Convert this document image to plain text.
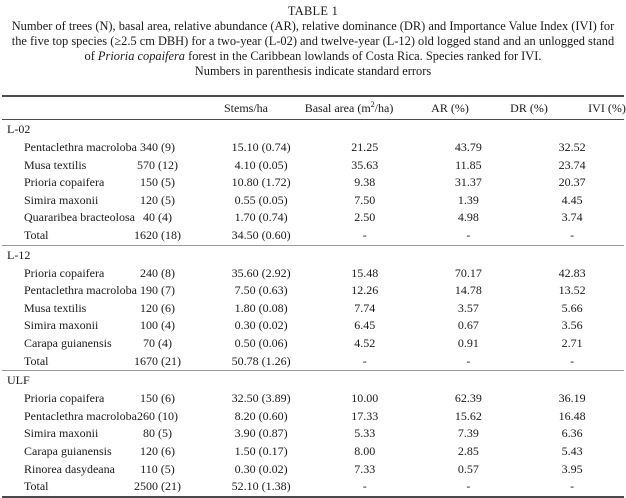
TABLE 1
Number of trees (N), basal area, relative abundance (AR), relative dominance (DR) and Importance Value Index (IVI) for
the five top species (≥2.5 cm DBH) for a two-year (L-02) and twelve-year (L-12) old logged stand and an unlogged stand
of Prioria copaifera forest in the Caribbean lowlands of Costa Rica. Species ranked for IVI.
Numbers in parenthesis indicate standard errors
	Stems/ha	Basal area $(m^2/ha)$	AR (%)	DR (%)	IVI (%)
L-02					
Pentaclethra macroloba	340 (9)	15.10 (0.74)	21.25	43.79	32.52
Musa textilis	570 (12)	4.10 (0.05)	35.63	11.85	23.74
Prioria copaifera	150 (5)	10.80 (1.72)	9.38	31.37	20.37
Simira maxonii	120 (5)	0.55 (0.05)	7.50	1.39	4.45
Quararibea bracteolosa	40 (4)	1.70 (0.74)	2.50	4.98	3.74
Total	1620 (18)	34.50 (0.60)	-	-	-
L-12					
Prioria copaifera	240 (8)	35.60 (2.92)	15.48	70.17	42.83
Pentaclethra macroloba	190 (7)	7.50 (0.63)	12.26	14.78	13.52
Musa textilis	120 (6)	1.80 (0.08)	7.74	3.57	5.66
Simira maxonii	100 (4)	0.30 (0.02)	6.45	0.67	3.56
Carapa guianensis	70 (4)	0.50 (0.06)	4.52	0.91	2.71
Total	1670 (21)	50.78 (1.26)	-	-	-
ULF					
Prioria copaifera	150 (6)	32.50 (3.89)	10.00	62.39	36.19
Pentaclethra macroloba	260 (10)	8.20 (0.60)	17.33	15.62	16.48
Simira maxonii	80 (5)	3.90 (0.87)	5.33	7.39	6.36
Carapa guianensis	120 (6)	1.50 (0.17)	8.00	2.85	5.43
Rinorea dasydeana	110 (5)	0.30 (0.02)	7.33	0.57	3.95
Total	2500 (21)	52.10 (1.38)	-	-	-
